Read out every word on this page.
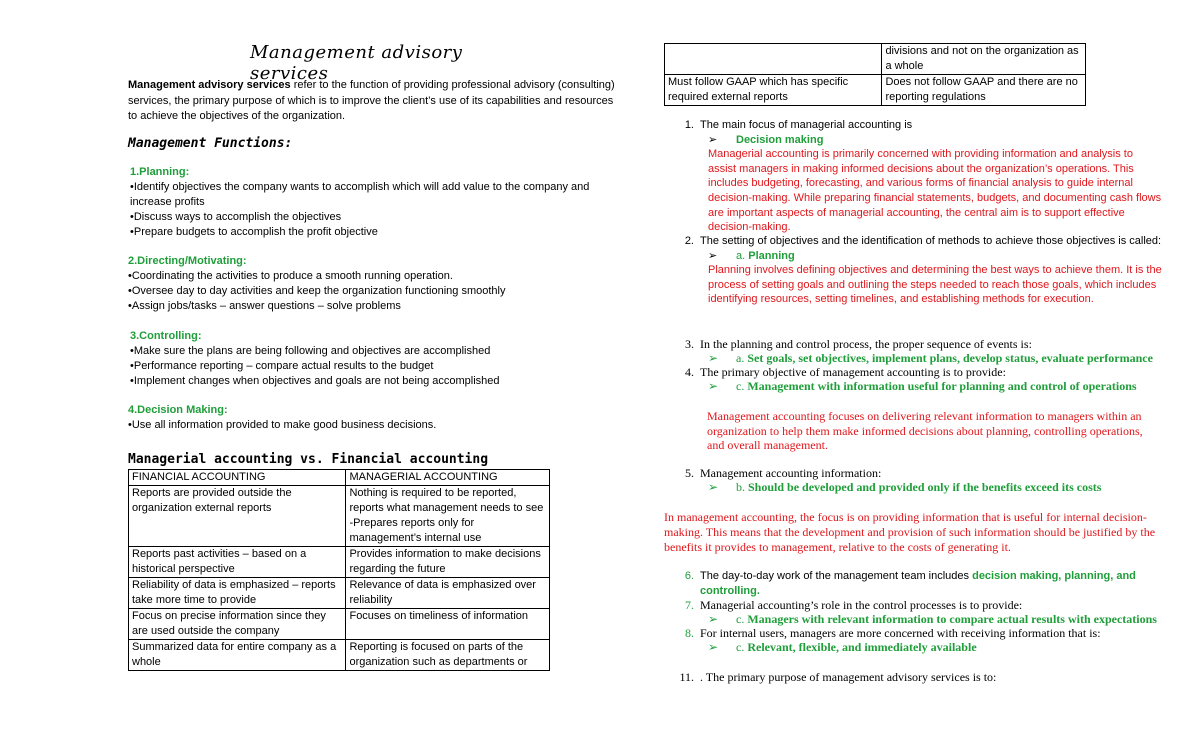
Management advisory services
Management advisory services refer to the function of providing professional advisory (consulting) services, the primary purpose of which is to improve the client’s use of its capabilities and resources to achieve the objectives of the organization.
Management Functions:
1.Planning:
•Identify objectives the company wants to accomplish which will add value to the company and increase profits
•Discuss ways to accomplish the objectives
•Prepare budgets to accomplish the profit objective
2.Directing/Motivating:
•Coordinating the activities to produce a smooth running operation.
•Oversee day to day activities and keep the organization functioning smoothly
•Assign jobs/tasks – answer questions – solve problems
3.Controlling:
•Make sure the plans are being following and objectives are accomplished
•Performance reporting – compare actual results to the budget
•Implement changes when objectives and goals are not being accomplished
4.Decision Making:
•Use all information provided to make good business decisions.
Managerial accounting vs. Financial accounting
FINANCIAL ACCOUNTING	MANAGERIAL ACCOUNTING
Reports are provided outside the organization external reports	Nothing is required to be reported, reports what management needs to see -Prepares reports only for management’s internal use
Reports past activities – based on a historical perspective	Provides information to make decisions regarding the future
Reliability of data is emphasized – reports take more time to provide	Relevance of data is emphasized over reliability
Focus on precise information since they are used outside the company	Focuses on timeliness of information
Summarized data for entire company as a whole	Reporting is focused on parts of the organization such as departments or
	divisions and not on the organization as a whole
Must follow GAAP which has specific required external reports	Does not follow GAAP and there are no reporting regulations
1. The main focus of managerial accounting is
➢ Decision making
Managerial accounting is primarily concerned with providing information and analysis to assist managers in making informed decisions about the organization’s operations. This includes budgeting, forecasting, and various forms of financial analysis to guide internal decision-making. While preparing financial statements, budgets, and documenting cash flows are important aspects of managerial accounting, the central aim is to support effective decision-making.
2. The setting of objectives and the identification of methods to achieve those objectives is called:
➢ a. Planning
Planning involves defining objectives and determining the best ways to achieve them. It is the process of setting goals and outlining the steps needed to reach those goals, which includes identifying resources, setting timelines, and establishing methods for execution.
3. In the planning and control process, the proper sequence of events is:
➢ a. Set goals, set objectives, implement plans, develop status, evaluate performance
4. The primary objective of management accounting is to provide:
➢ c. Management with information useful for planning and control of operations
Management accounting focuses on delivering relevant information to managers within an organization to help them make informed decisions about planning, controlling operations, and overall management.
5. Management accounting information:
➢ b. Should be developed and provided only if the benefits exceed its costs
In management accounting, the focus is on providing information that is useful for internal decision-making. This means that the development and provision of such information should be justified by the benefits it provides to management, relative to the costs of generating it.
6. The day-to-day work of the management team includes decision making, planning, and controlling.
7. Managerial accounting’s role in the control processes is to provide:
➢ c. Managers with relevant information to compare actual results with expectations
8. For internal users, managers are more concerned with receiving information that is:
➢ c. Relevant, flexible, and immediately available
11. . The primary purpose of management advisory services is to:
